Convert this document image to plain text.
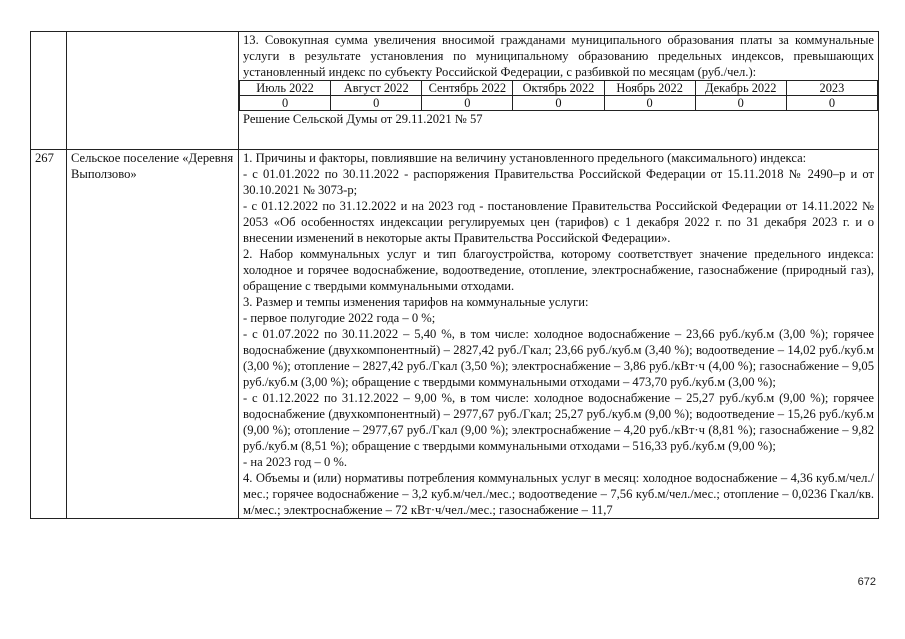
13. Совокупная сумма увеличения вносимой гражданами муниципального образования платы за коммунальные услуги в результате установления по муниципальному образованию предельных индексов, превышающих установленный индекс по субъекту Российской Федерации, с разбивкой по месяцам (руб./чел.):

Июль 2022	Август 2022	Сентябрь 2022	Октябрь 2022	Ноябрь 2022	Декабрь 2022	2023
0	0	0	0	0	0	0

Решение Сельской Думы от 29.11.2021 № 57

267	Сельское поселение «Деревня Выползово»

1. Причины и факторы, повлиявшие на величину установленного предельного (максимального) индекса:

- с 01.01.2022 по 30.11.2022 - распоряжения Правительства Российской Федерации от 15.11.2018 № 2490–р и от 30.10.2021 № 3073-р;

- с 01.12.2022 по 31.12.2022 и на 2023 год - постановление Правительства Российской Федерации от 14.11.2022 № 2053 «Об особенностях индексации регулируемых цен (тарифов) с 1 декабря 2022 г. по 31 декабря 2023 г. и о внесении изменений в некоторые акты Правительства Российской Федерации».

2. Набор коммунальных услуг и тип благоустройства, которому соответствует значение предельного индекса: холодное и горячее водоснабжение, водоотведение, отопление, электроснабжение, газоснабжение (природный газ), обращение с твердыми коммунальными отходами.

3. Размер и темпы изменения тарифов на коммунальные услуги:

- первое полугодие 2022 года – 0 %;

- с 01.07.2022 по 30.11.2022 – 5,40 %, в том числе: холодное водоснабжение – 23,66 руб./куб.м (3,00 %); горячее водоснабжение (двухкомпонентный) – 2827,42 руб./Гкал; 23,66 руб./куб.м (3,40 %); водоотведение – 14,02 руб./куб.м (3,00 %); отопление – 2827,42 руб./Гкал (3,50 %); электроснабжение – 3,86 руб./кВт·ч (4,00 %); газоснабжение – 9,05 руб./куб.м (3,00 %); обращение с твердыми коммунальными отходами – 473,70 руб./куб.м (3,00 %);

- с 01.12.2022 по 31.12.2022 – 9,00 %, в том числе: холодное водоснабжение – 25,27 руб./куб.м (9,00 %); горячее водоснабжение (двухкомпонентный) – 2977,67 руб./Гкал; 25,27 руб./куб.м (9,00 %); водоотведение – 15,26 руб./куб.м (9,00 %); отопление – 2977,67 руб./Гкал (9,00 %); электроснабжение – 4,20 руб./кВт·ч (8,81 %); газоснабжение – 9,82 руб./куб.м (8,51 %); обращение с твердыми коммунальными отходами – 516,33 руб./куб.м (9,00 %);

- на 2023 год – 0 %.

4. Объемы и (или) нормативы потребления коммунальных услуг в месяц: холодное водоснабжение – 4,36 куб.м/чел./мес.; горячее водоснабжение – 3,2 куб.м/чел./мес.; водоотведение – 7,56 куб.м/чел./мес.; отопление – 0,0236 Гкал/кв. м/мес.; электроснабжение – 72 кВт·ч/чел./мес.; газоснабжение – 11,7

672
